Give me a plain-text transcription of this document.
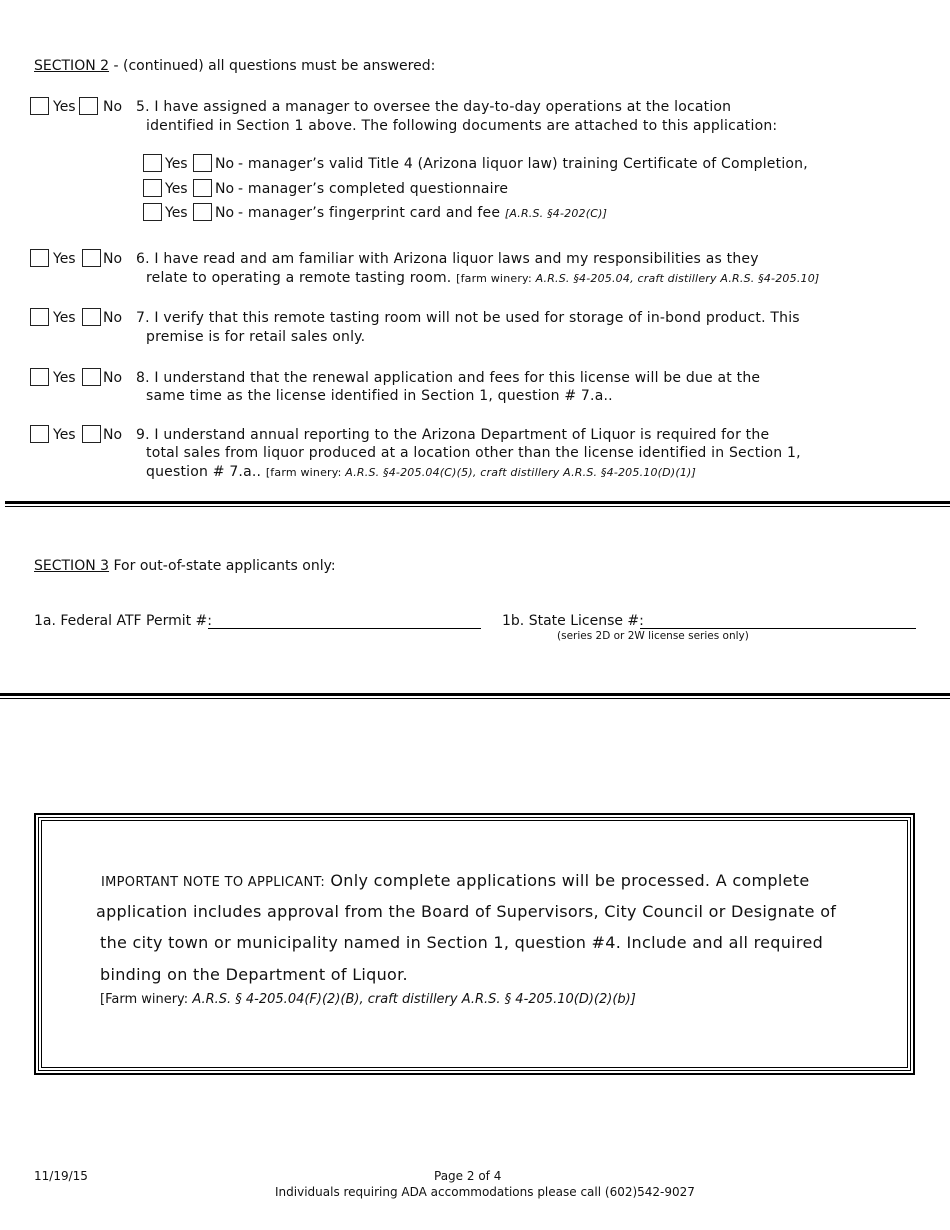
SECTION 2 - (continued) all questions must be answered:
Yes No 5. I have assigned a manager to oversee the day-to-day operations at the location
identified in Section 1 above. The following documents are attached to this application:
Yes No - manager’s valid Title 4 (Arizona liquor law) training Certificate of Completion,
Yes No - manager’s completed questionnaire
Yes No - manager’s fingerprint card and fee [A.R.S. §4-202(C)]
Yes No 6. I have read and am familiar with Arizona liquor laws and my responsibilities as they
relate to operating a remote tasting room. [farm winery: A.R.S. §4-205.04, craft distillery A.R.S. §4-205.10]
Yes No 7. I verify that this remote tasting room will not be used for storage of in-bond product. This
premise is for retail sales only.
Yes No 8. I understand that the renewal application and fees for this license will be due at the
same time as the license identified in Section 1, question # 7.a..
Yes No 9. I understand annual reporting to the Arizona Department of Liquor is required for the
total sales from liquor produced at a location other than the license identified in Section 1,
question # 7.a.. [farm winery: A.R.S. §4-205.04(C)(5), craft distillery A.R.S. §4-205.10(D)(1)]
SECTION 3 For out-of-state applicants only:
1a. Federal ATF Permit #:	1b. State License #:
(series 2D or 2W license series only)
IMPORTANT NOTE TO APPLICANT: Only complete applications will be processed. A complete
application includes approval from the Board of Supervisors, City Council or Designate of
the city town or municipality named in Section 1, question #4. Include and all required
binding on the Department of Liquor.
[Farm winery: A.R.S. § 4-205.04(F)(2)(B), craft distillery A.R.S. § 4-205.10(D)(2)(b)]
11/19/15	Page 2 of 4
Individuals requiring ADA accommodations please call (602)542-9027
